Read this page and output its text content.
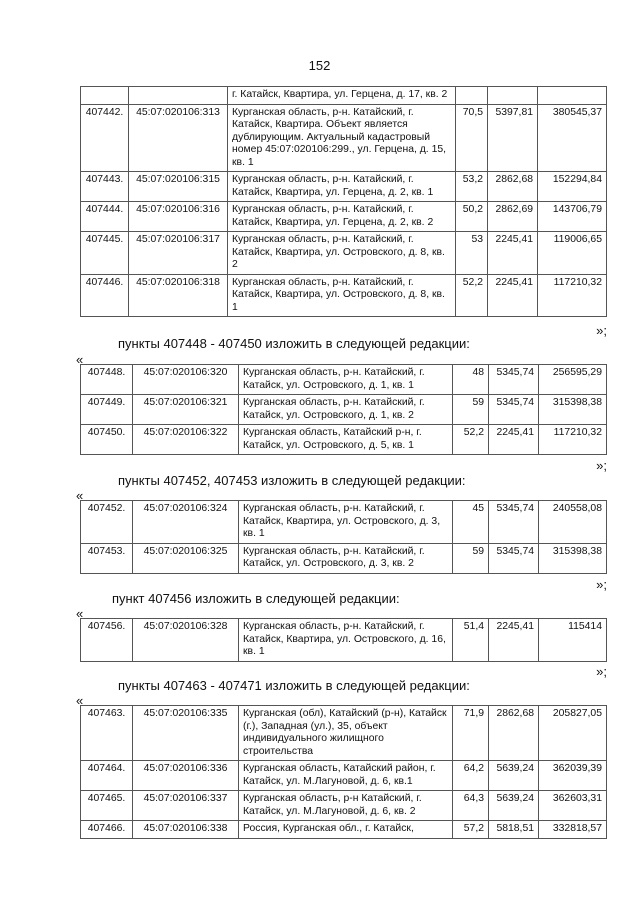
152
		г. Катайск, Квартира, ул. Герцена, д. 17, кв. 2			
407442.	45:07:020106:313	Курганская область, р-н. Катайский, г. Катайск, Квартира. Объект является дублирующим. Актуальный кадастровый номер 45:07:020106:299., ул. Герцена, д. 15, кв. 1	70,5	5397,81	380545,37
407443.	45:07:020106:315	Курганская область, р-н. Катайский, г. Катайск, Квартира, ул. Герцена, д. 2, кв. 1	53,2	2862,68	152294,84
407444.	45:07:020106:316	Курганская область, р-н. Катайский, г. Катайск, Квартира, ул. Герцена, д. 2, кв. 2	50,2	2862,69	143706,79
407445.	45:07:020106:317	Курганская область, р-н. Катайский, г. Катайск, Квартира, ул. Островского, д. 8, кв. 2	53	2245,41	119006,65
407446.	45:07:020106:318	Курганская область, р-н. Катайский, г. Катайск, Квартира, ул. Островского, д. 8, кв. 1	52,2	2245,41	117210,32
»;
пункты 407448 - 407450 изложить в следующей редакции:
«
407448.	45:07:020106:320	Курганская область, р-н. Катайский, г. Катайск, ул. Островского, д. 1, кв. 1	48	5345,74	256595,29
407449.	45:07:020106:321	Курганская область, р-н. Катайский, г. Катайск, ул. Островского, д. 1, кв. 2	59	5345,74	315398,38
407450.	45:07:020106:322	Курганская область, Катайский р-н, г. Катайск, ул. Островского, д. 5, кв. 1	52,2	2245,41	117210,32
»;
пункты 407452, 407453 изложить в следующей редакции:
«
407452.	45:07:020106:324	Курганская область, р-н. Катайский, г. Катайск, Квартира, ул. Островского, д. 3, кв. 1	45	5345,74	240558,08
407453.	45:07:020106:325	Курганская область, р-н. Катайский, г. Катайск, ул. Островского, д. 3, кв. 2	59	5345,74	315398,38
»;
пункт 407456 изложить в следующей редакции:
«
407456.	45:07:020106:328	Курганская область, р-н. Катайский, г. Катайск, Квартира, ул. Островского, д. 16, кв. 1	51,4	2245,41	115414
»;
пункты 407463 - 407471 изложить в следующей редакции:
«
407463.	45:07:020106:335	Курганская (обл), Катайский (р-н), Катайск (г.), Западная (ул.), 35, объект индивидуального жилищного строительства	71,9	2862,68	205827,05
407464.	45:07:020106:336	Курганская область, Катайский район, г. Катайск, ул. М.Лагуновой, д. 6, кв.1	64,2	5639,24	362039,39
407465.	45:07:020106:337	Курганская область, р-н Катайский, г. Катайск, ул. М.Лагуновой, д. 6, кв. 2	64,3	5639,24	362603,31
407466.	45:07:020106:338	Россия, Курганская обл., г. Катайск,	57,2	5818,51	332818,57
